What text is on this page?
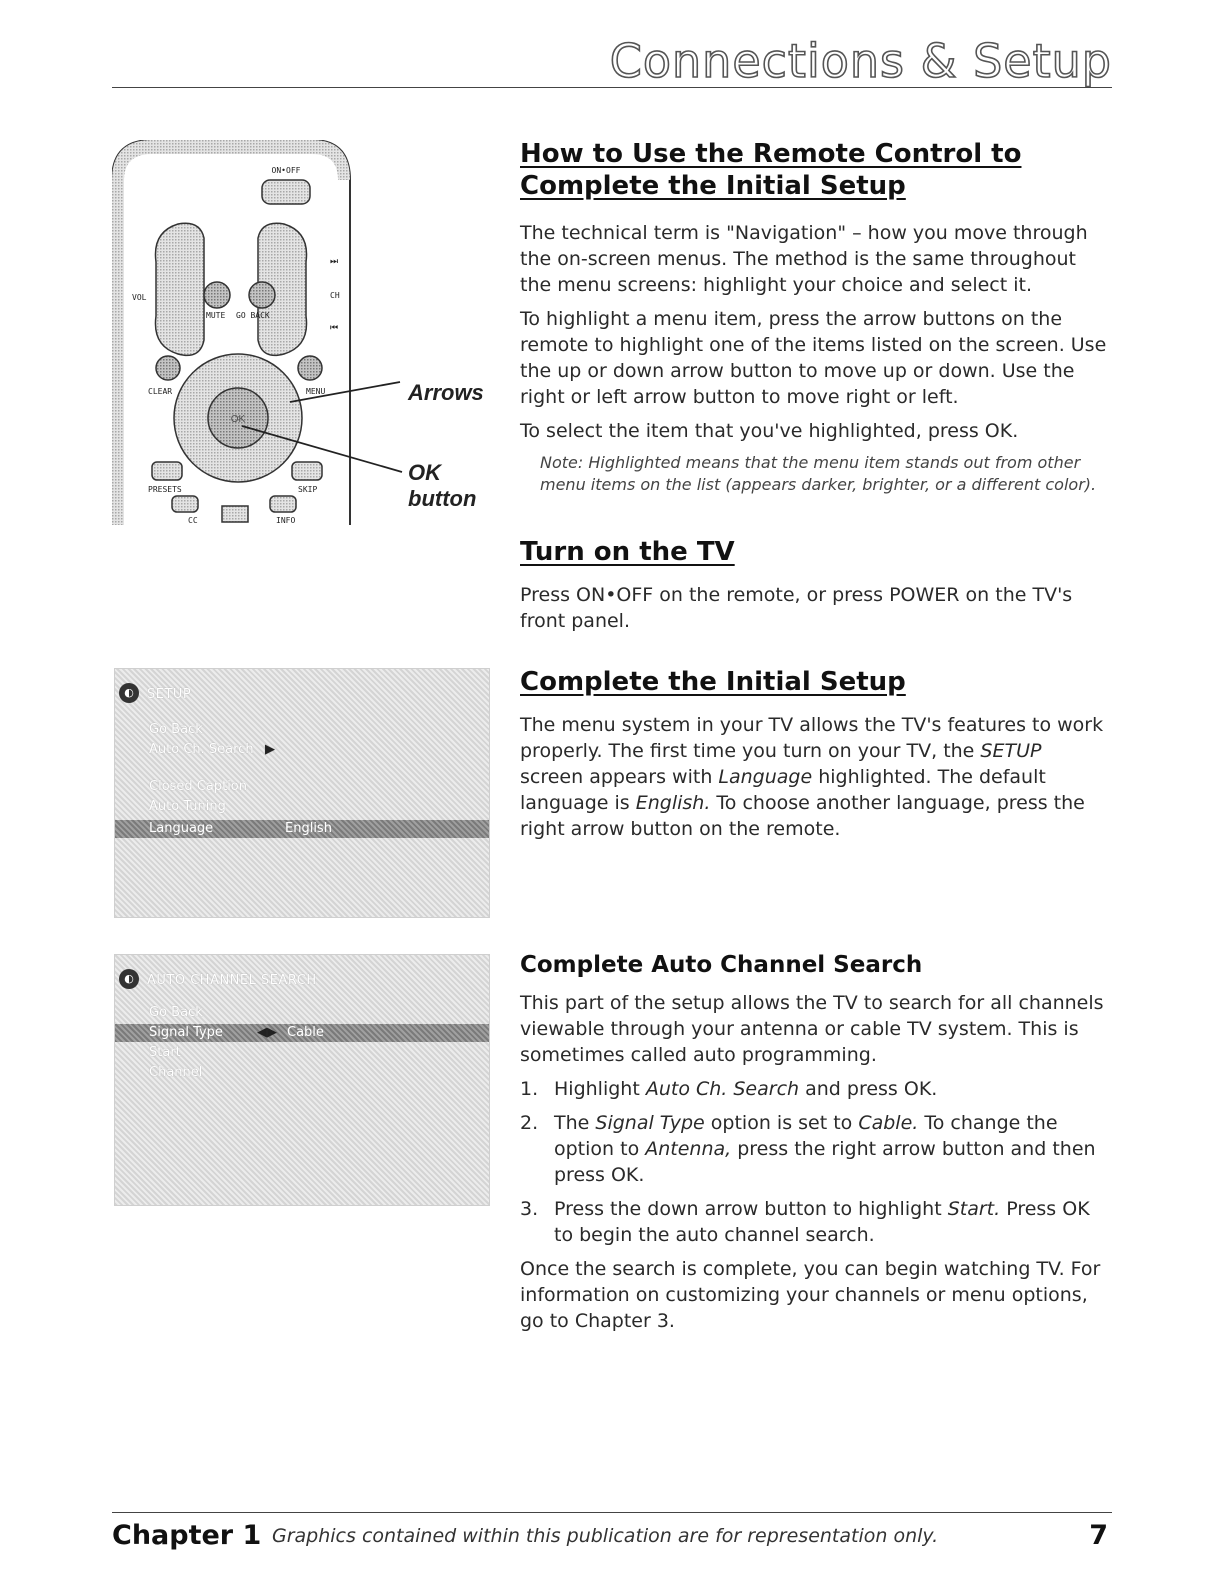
Connections & Setup
ON•OFF
VOL	CH
⏭
⏮
MUTE GO BACK
CLEAR	MENU
OK
PRESETS	SKIP
CC	INFO
Arrows
OK
button
◐	SETUP
Go Back
Auto Ch. Search ▶
Closed Caption
Auto Tuning
Language	English
◐	AUTO CHANNEL SEARCH
Go Back
Signal Type	◀▶ Cable
Start
Channel
How to Use the Remote Control to Complete the Initial Setup

The technical term is "Navigation" – how you move through the on-screen menus. The method is the same throughout the menu screens: highlight your choice and select it.

To highlight a menu item, press the arrow buttons on the remote to highlight one of the items listed on the screen. Use the up or down arrow button to move up or down. Use the right or left arrow button to move right or left.

To select the item that you've highlighted, press OK.

Note: Highlighted means that the menu item stands out from other menu items on the list (appears darker, brighter, or a different color).

Turn on the TV

Press ON•OFF on the remote, or press POWER on the TV's front panel.

Complete the Initial Setup

The menu system in your TV allows the TV's features to work properly. The first time you turn on your TV, the SETUP screen appears with Language highlighted. The default language is English. To choose another language, press the right arrow button on the remote.

Complete Auto Channel Search

This part of the setup allows the TV to search for all channels viewable through your antenna or cable TV system. This is sometimes called auto programming.

1. Highlight Auto Ch. Search and press OK.
2. The Signal Type option is set to Cable. To change the option to Antenna, press the right arrow button and then press OK.
3. Press the down arrow button to highlight Start. Press OK to begin the auto channel search.

Once the search is complete, you can begin watching TV. For information on customizing your channels or menu options, go to Chapter 3.

Chapter 1 Graphics contained within this publication are for representation only.	7
